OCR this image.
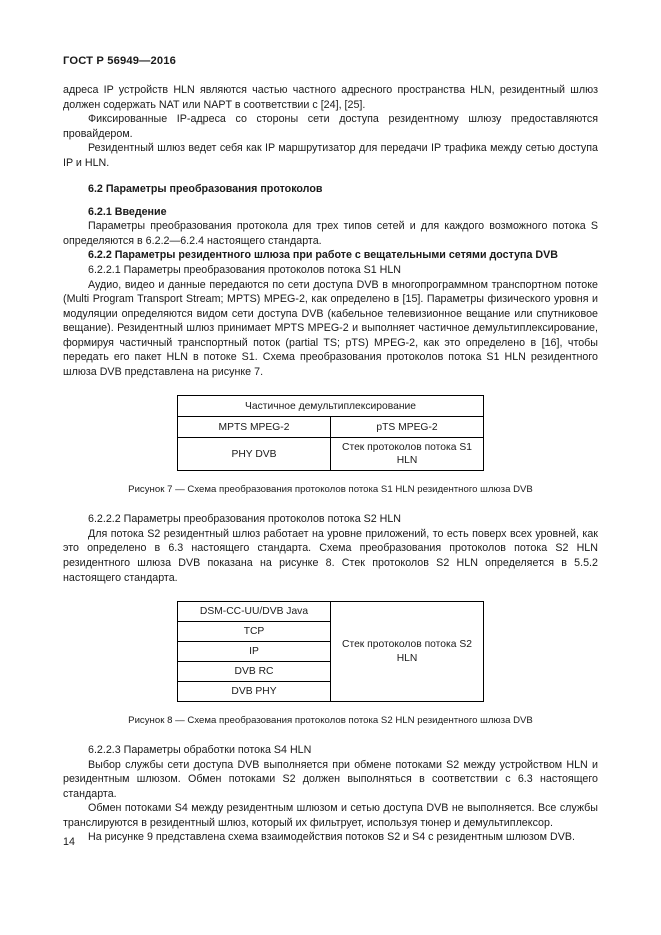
ГОСТ Р 56949—2016

адреса IP устройств HLN являются частью частного адресного пространства HLN, резидентный шлюз должен содержать NAT или NAPT в соответствии с [24], [25].

Фиксированные IP-адреса со стороны сети доступа резидентному шлюзу предоставляются провайдером.

Резидентный шлюз ведет себя как IP маршрутизатор для передачи IP трафика между сетью доступа IP и HLN.

6.2 Параметры преобразования протоколов
6.2.1 Введение

Параметры преобразования протокола для трех типов сетей и для каждого возможного потока S определяются в 6.2.2—6.2.4 настоящего стандарта.

6.2.2 Параметры резидентного шлюза при работе с вещательными сетями доступа DVB

6.2.2.1 Параметры преобразования протоколов потока S1 HLN

Аудио, видео и данные передаются по сети доступа DVB в многопрограммном транспортном потоке (Multi Program Transport Stream; MPTS) MPEG-2, как определено в [15]. Параметры физического уровня и модуляции определяются видом сети доступа DVB (кабельное телевизионное вещание или спутниковое вещание). Резидентный шлюз принимает MPTS MPEG-2 и выполняет частичное демультиплексирование, формируя частичный транспортный поток (partial TS; pTS) MPEG-2, как это определено в [16], чтобы передать его пакет HLN в потоке S1. Схема преобразования протоколов потока S1 HLN резидентного шлюза DVB представлена на рисунке 7.

Частичное демультиплексирование	
MPTS MPEG-2	pTS MPEG-2
PHY DVB	Стек протоколов потока S1 HLN

Рисунок 7 — Схема преобразования протоколов потока S1 HLN резидентного шлюза DVB

6.2.2.2 Параметры преобразования протоколов потока S2 HLN

Для потока S2 резидентный шлюз работает на уровне приложений, то есть поверх всех уровней, как это определено в 6.3 настоящего стандарта. Схема преобразования протоколов потока S2 HLN резидентного шлюза DVB показана на рисунке 8. Стек протоколов S2 HLN определяется в 5.5.2 настоящего стандарта.

DSM-CC-UU/DVB Java	Стек протоколов потока S2 HLN
TCP
IP
DVB RC
DVB PHY

Рисунок 8 — Схема преобразования протоколов потока S2 HLN резидентного шлюза DVB

6.2.2.3 Параметры обработки потока S4 HLN

Выбор службы сети доступа DVB выполняется при обмене потоками S2 между устройством HLN и резидентным шлюзом. Обмен потоками S2 должен выполняться в соответствии с 6.3 настоящего стандарта.

Обмен потоками S4 между резидентным шлюзом и сетью доступа DVB не выполняется. Все службы транслируются в резидентный шлюз, который их фильтрует, используя тюнер и демультиплексор.

На рисунке 9 представлена схема взаимодействия потоков S2 и S4 с резидентным шлюзом DVB.

14
